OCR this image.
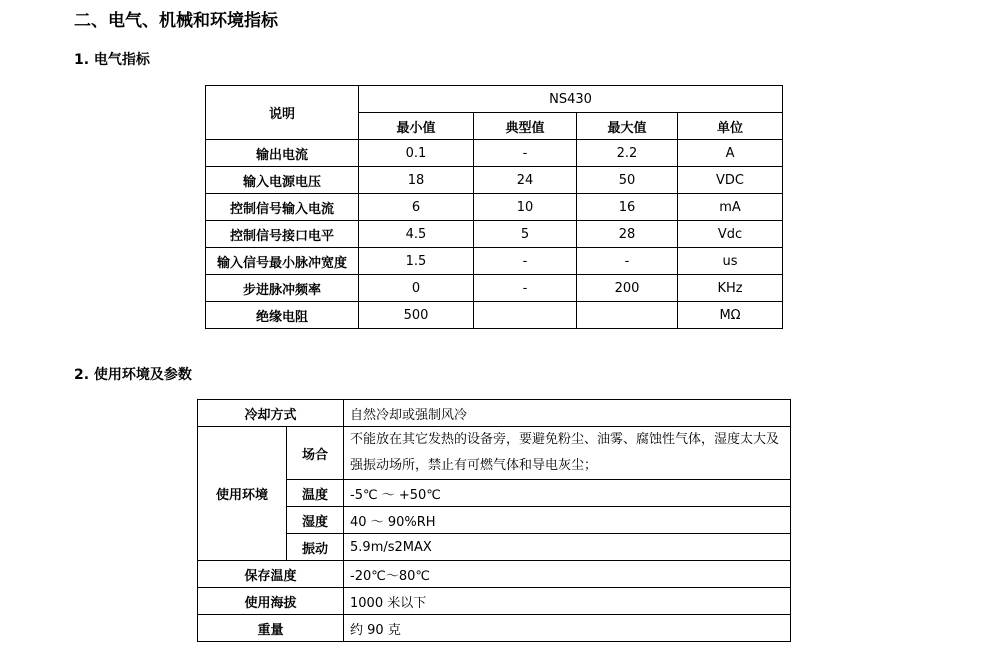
二、电气、机械和环境指标
1. 电气指标
说明	NS430			
	最小值	典型值	最大值	单位
输出电流	0.1	-	2.2	A
输入电源电压	18	24	50	VDC
控制信号输入电流	6	10	16	mA
控制信号接口电平	4.5	5	28	Vdc
输入信号最小脉冲宽度	1.5	-	-	us
步进脉冲频率	0	-	200	KHz
绝缘电阻	500			MΩ
2. 使用环境及参数
冷却方式		自然冷却或强制风冷
使用环境	场合	不能放在其它发热的设备旁，要避免粉尘、油雾、腐蚀性气体，湿度太大及强振动场所，禁止有可燃气体和导电灰尘；
	温度	-5℃ ～ +50℃
	湿度	40 ～ 90%RH
	振动	5.9m/s2MAX
保存温度		-20℃～80℃
使用海拔		1000 米以下
重量		约 90 克
